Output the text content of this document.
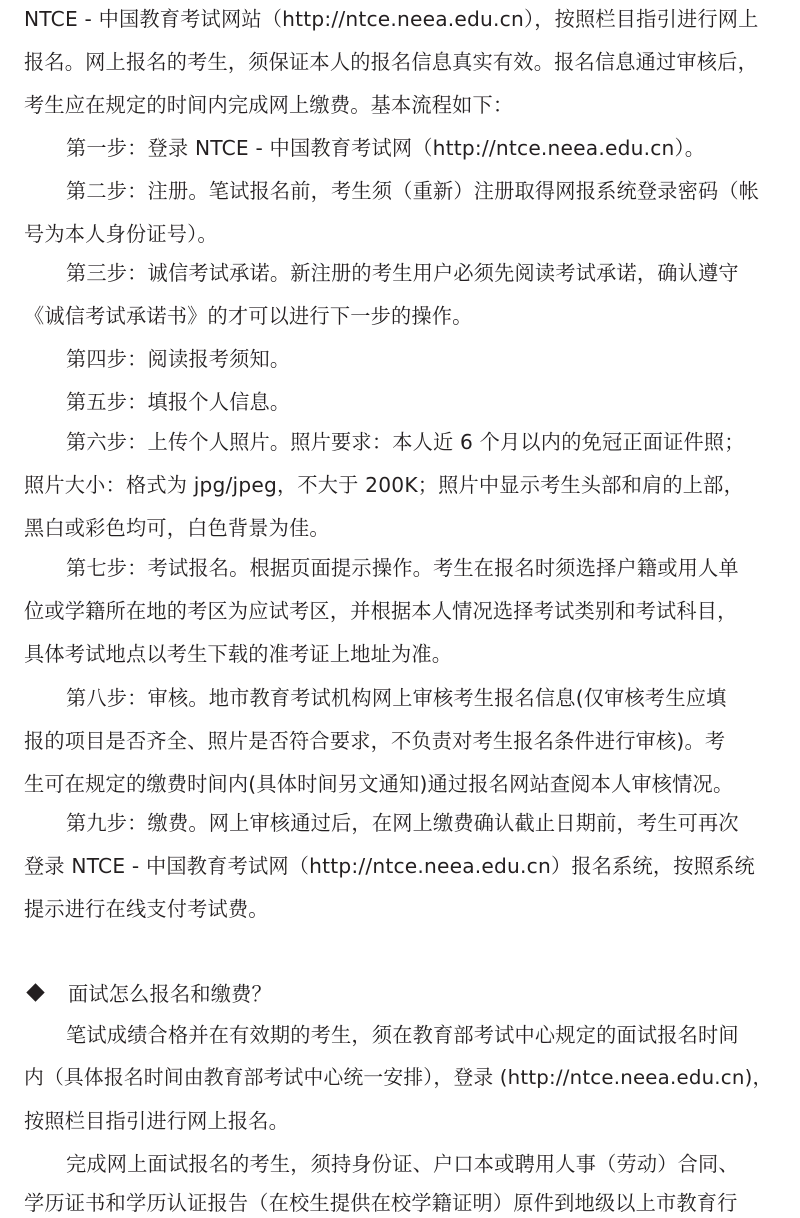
NTCE - 中国教育考试网站（http://ntce.neea.edu.cn），按照栏目指引进行网上
报名。网上报名的考生，须保证本人的报名信息真实有效。报名信息通过审核后，
考生应在规定的时间内完成网上缴费。基本流程如下：
第一步：登录 NTCE - 中国教育考试网（http://ntce.neea.edu.cn）。
第二步：注册。笔试报名前，考生须（重新）注册取得网报系统登录密码（帐
号为本人身份证号）。
第三步：诚信考试承诺。新注册的考生用户必须先阅读考试承诺，确认遵守
《诚信考试承诺书》的才可以进行下一步的操作。
第四步：阅读报考须知。
第五步：填报个人信息。
第六步：上传个人照片。照片要求：本人近 6 个月以内的免冠正面证件照；
照片大小：格式为 jpg/jpeg，不大于 200K；照片中显示考生头部和肩的上部，
黑白或彩色均可，白色背景为佳。
第七步：考试报名。根据页面提示操作。考生在报名时须选择户籍或用人单
位或学籍所在地的考区为应试考区，并根据本人情况选择考试类别和考试科目，
具体考试地点以考生下载的准考证上地址为准。
第八步：审核。地市教育考试机构网上审核考生报名信息(仅审核考生应填
报的项目是否齐全、照片是否符合要求，不负责对考生报名条件进行审核)。考
生可在规定的缴费时间内(具体时间另文通知)通过报名网站查阅本人审核情况。
第九步：缴费。网上审核通过后，在网上缴费确认截止日期前，考生可再次
登录 NTCE - 中国教育考试网（http://ntce.neea.edu.cn）报名系统，按照系统
提示进行在线支付考试费。
面试怎么报名和缴费？
笔试成绩合格并在有效期的考生，须在教育部考试中心规定的面试报名时间
内（具体报名时间由教育部考试中心统一安排），登录 (http://ntce.neea.edu.cn)，
按照栏目指引进行网上报名。
完成网上面试报名的考生，须持身份证、户口本或聘用人事（劳动）合同、
学历证书和学历认证报告（在校生提供在校学籍证明）原件到地级以上市教育行
